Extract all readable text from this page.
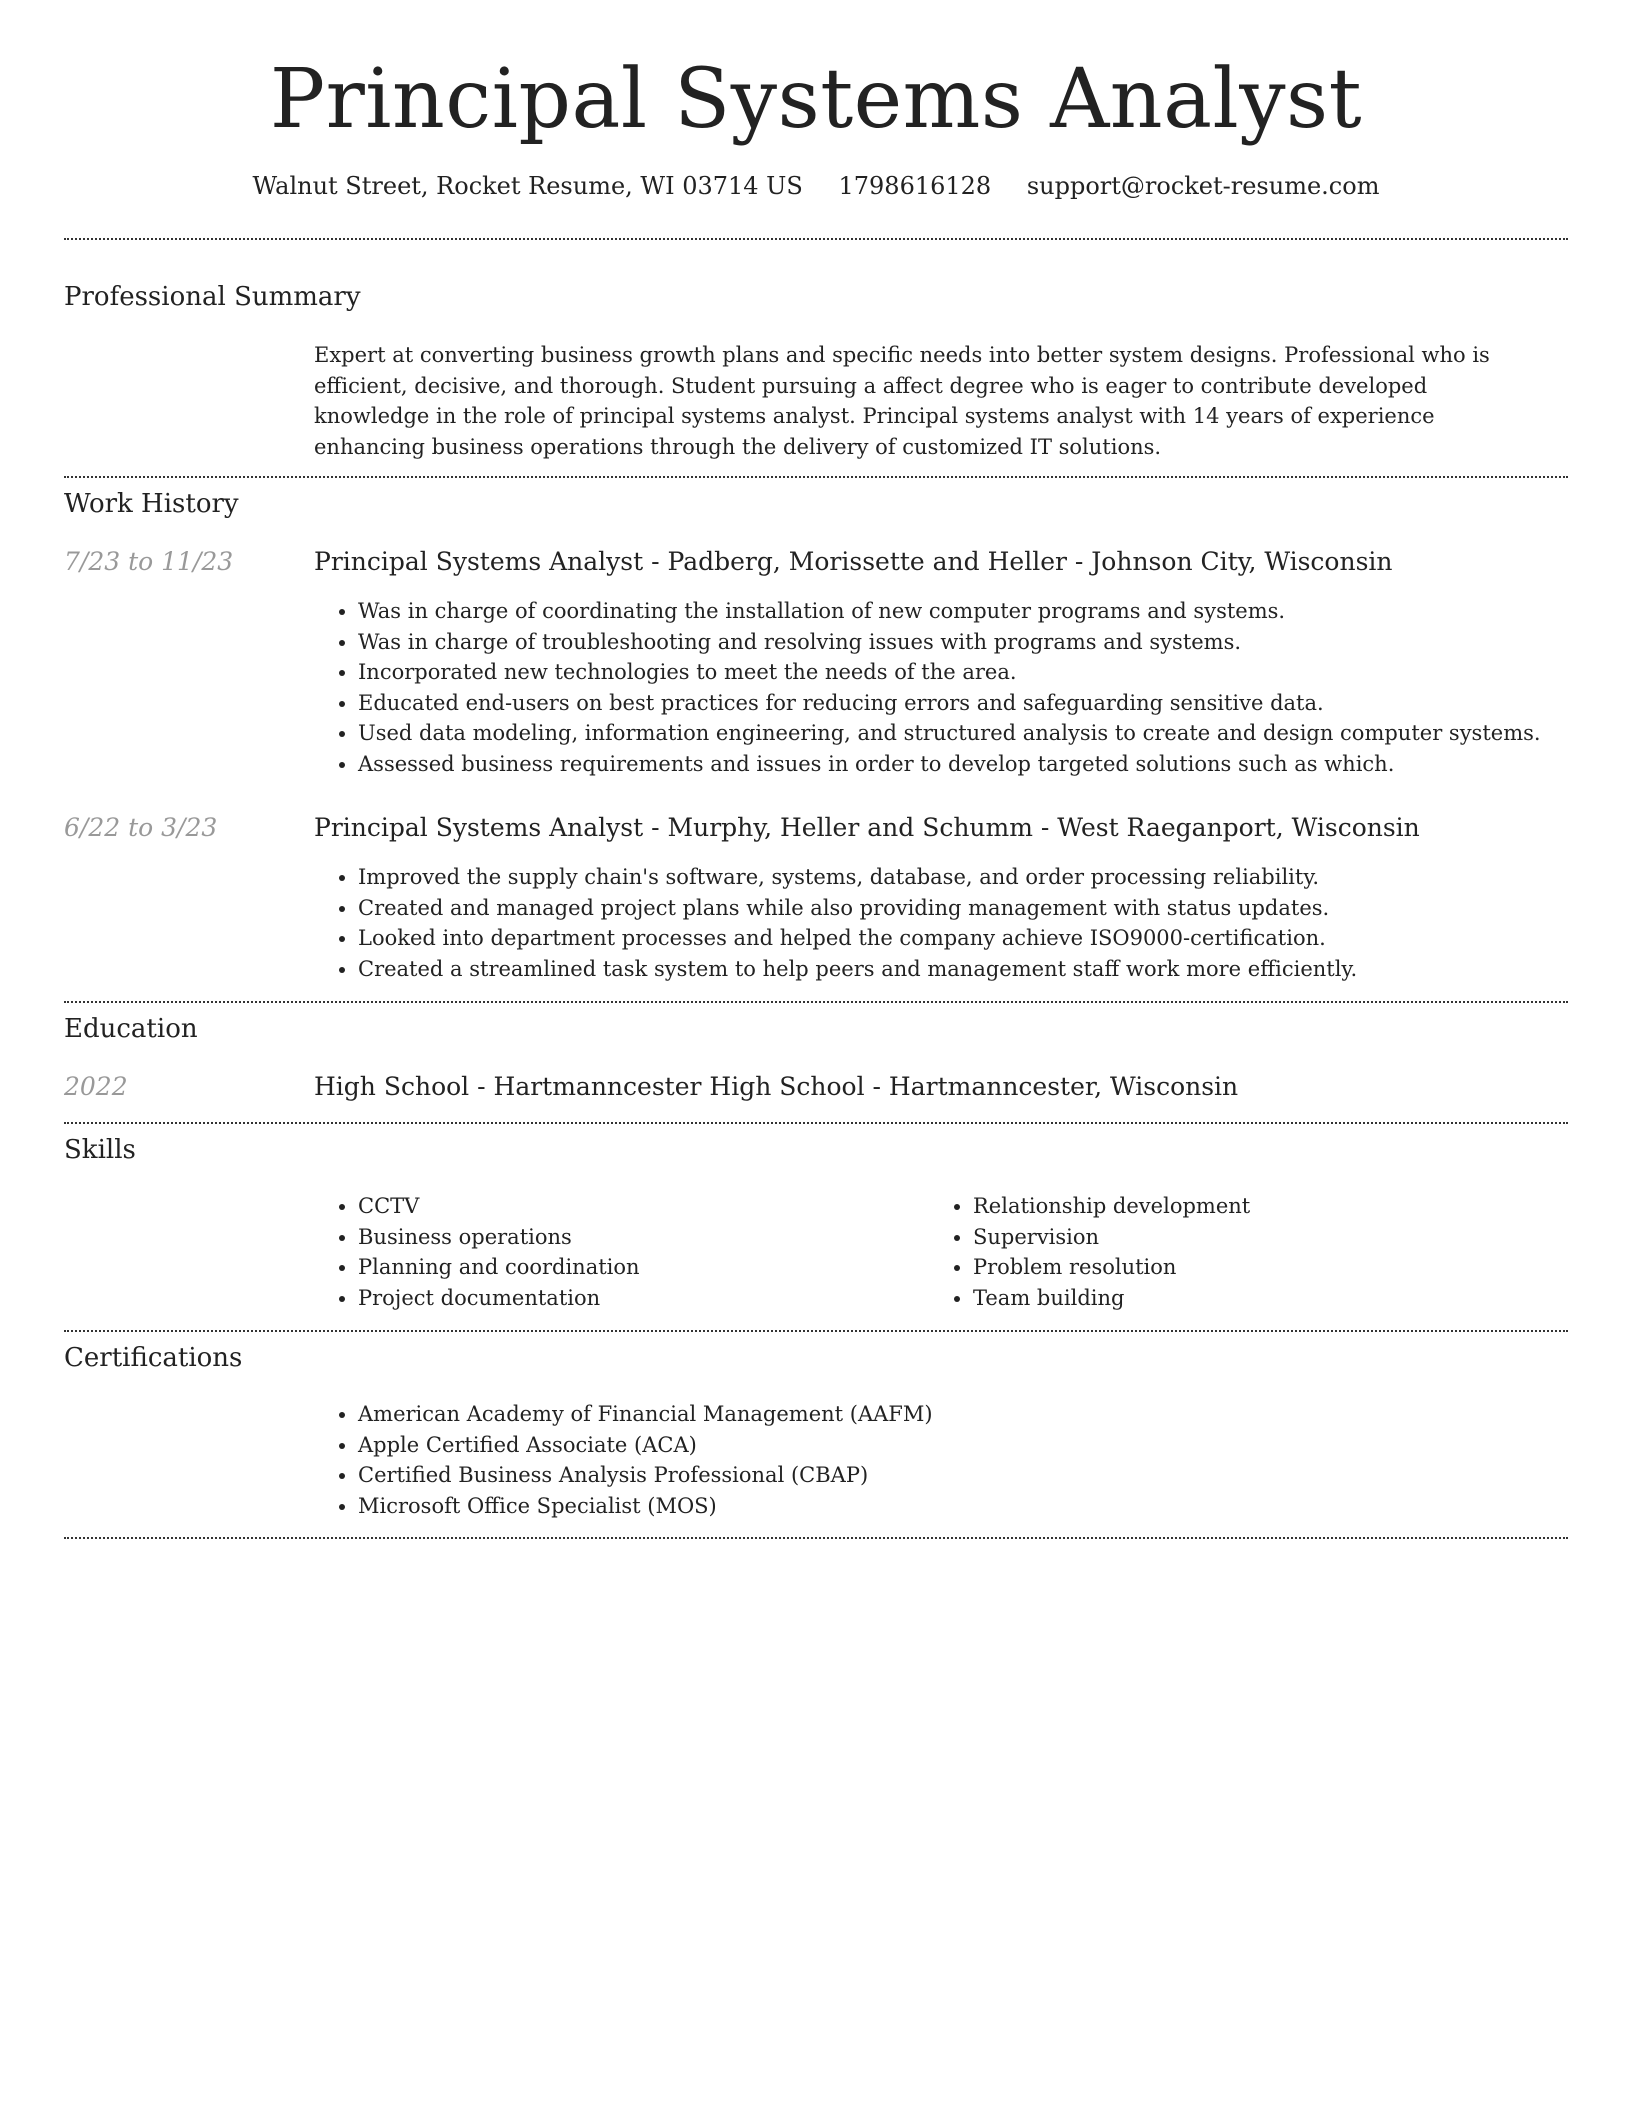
Principal Systems Analyst
Walnut Street, Rocket Resume, WI 03714 US 1798616128 support@rocket-resume.com
Professional Summary
Expert at converting business growth plans and specific needs into better system designs. Professional who is efficient, decisive, and thorough. Student pursuing a affect degree who is eager to contribute developed knowledge in the role of principal systems analyst. Principal systems analyst with 14 years of experience enhancing business operations through the delivery of customized IT solutions.
Work History
7/23 to 11/23	Principal Systems Analyst - Padberg, Morissette and Heller - Johnson City, Wisconsin
• Was in charge of coordinating the installation of new computer programs and systems.
• Was in charge of troubleshooting and resolving issues with programs and systems.
• Incorporated new technologies to meet the needs of the area.
• Educated end-users on best practices for reducing errors and safeguarding sensitive data.
• Used data modeling, information engineering, and structured analysis to create and design computer systems.
• Assessed business requirements and issues in order to develop targeted solutions such as which.
6/22 to 3/23	Principal Systems Analyst - Murphy, Heller and Schumm - West Raeganport, Wisconsin
• Improved the supply chain's software, systems, database, and order processing reliability.
• Created and managed project plans while also providing management with status updates.
• Looked into department processes and helped the company achieve ISO9000-certification.
• Created a streamlined task system to help peers and management staff work more efficiently.
Education
2022	High School - Hartmanncester High School - Hartmanncester, Wisconsin
Skills
• CCTV
• Business operations
• Planning and coordination
• Project documentation
• Relationship development
• Supervision
• Problem resolution
• Team building
Certifications
• American Academy of Financial Management (AAFM)
• Apple Certified Associate (ACA)
• Certified Business Analysis Professional (CBAP)
• Microsoft Office Specialist (MOS)
